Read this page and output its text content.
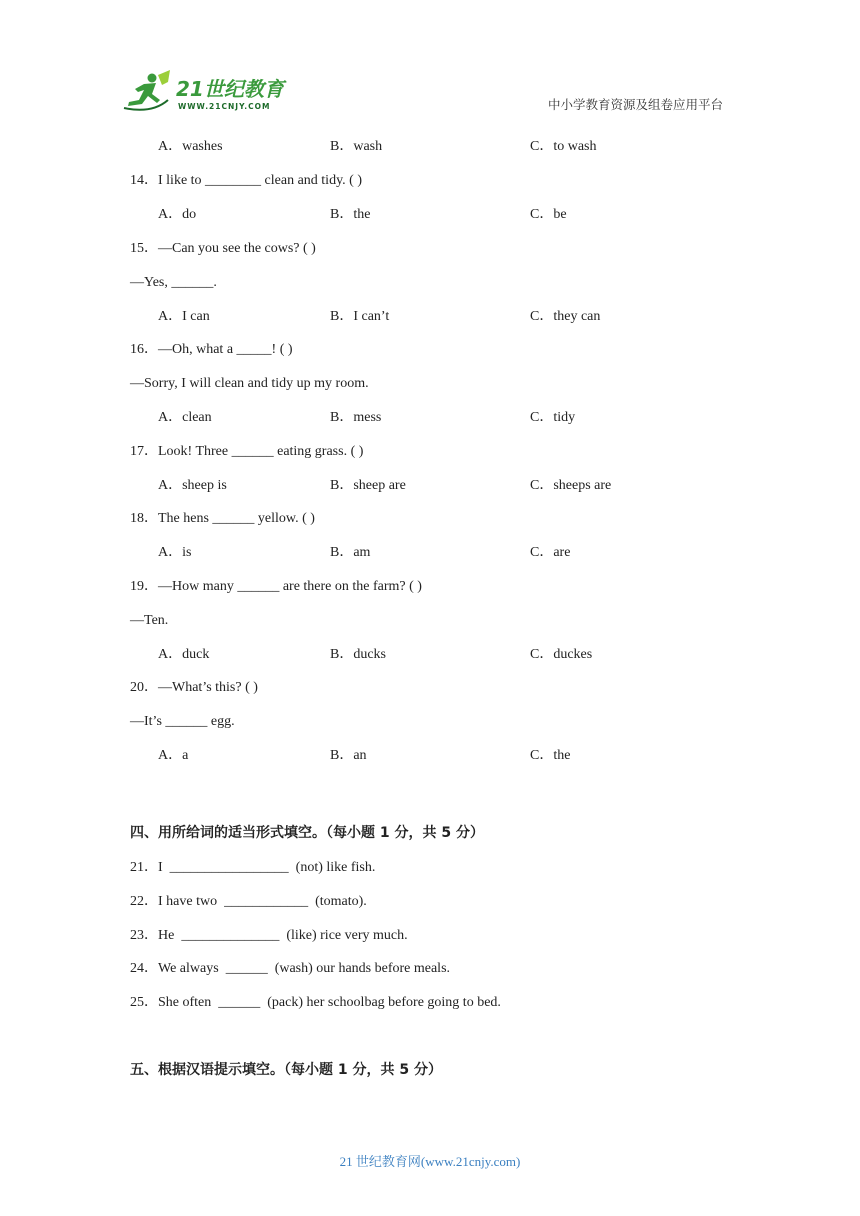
21世纪教育
WWW.21CNJY.COM	中小学教育资源及组卷应用平台
A．washes	B．wash	C．to wash
14．I like to ________ clean and tidy. ( )
A．do	B．the	C．be
15．—Can you see the cows? ( )
—Yes, ______.
A．I can	B．I can’t	C．they can
16．—Oh, what a _____! ( )
—Sorry, I will clean and tidy up my room.
A．clean	B．mess	C．tidy
17．Look! Three ______ eating grass. ( )
A．sheep is	B．sheep are	C．sheeps are
18．The hens ______ yellow. ( )
A．is	B．am	C．are
19．—How many ______ are there on the farm? ( )
—Ten.
A．duck	B．ducks	C．duckes
20．—What’s this? ( )
—It’s ______ egg.
A．a	B．an	C．the
四、用所给词的适当形式填空。（每小题 1 分，共 5 分）
21．I _________________ (not) like fish.
22．I have two ____________ (tomato).
23．He ______________ (like) rice very much.
24．We always ______ (wash) our hands before meals.
25．She often ______ (pack) her schoolbag before going to bed.
五、根据汉语提示填空。（每小题 1 分，共 5 分）
21 世纪教育网(www.21cnjy.com)
